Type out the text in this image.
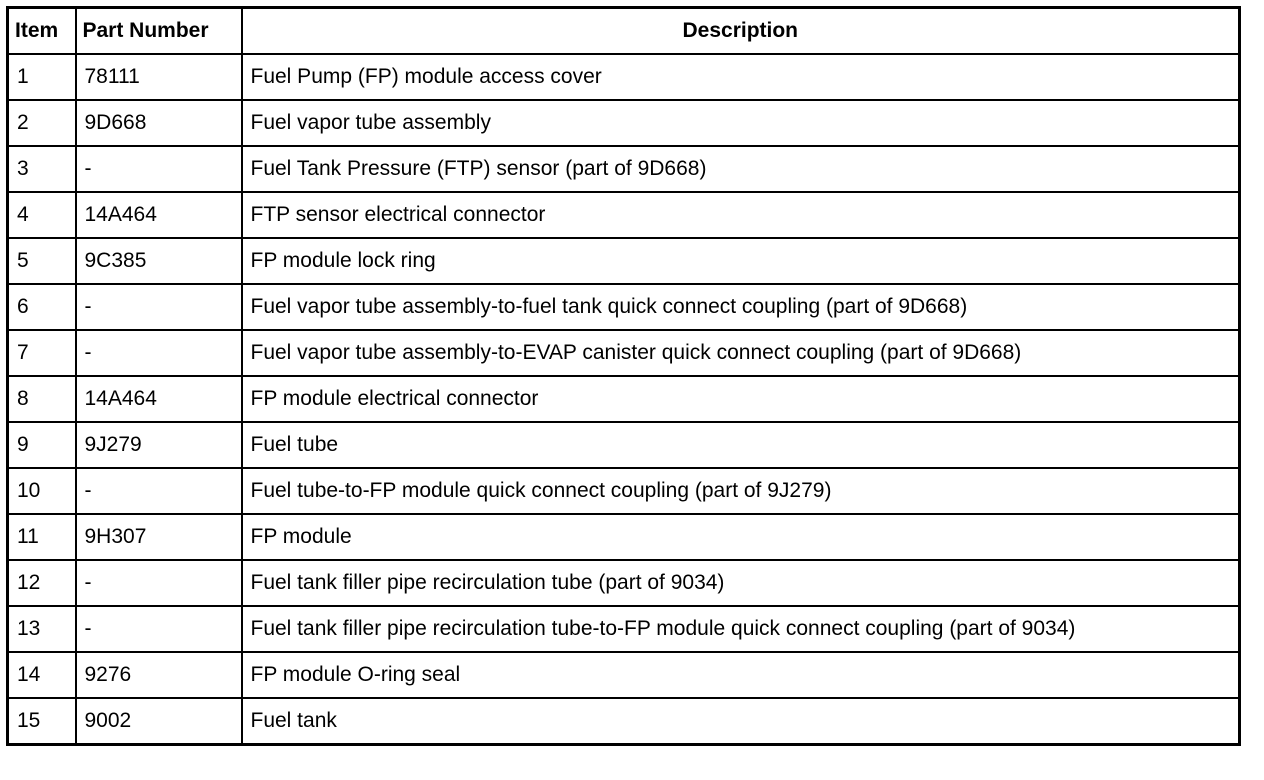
Item	Part Number	Description
1	78111	Fuel Pump (FP) module access cover
2	9D668	Fuel vapor tube assembly
3	-	Fuel Tank Pressure (FTP) sensor (part of 9D668)
4	14A464	FTP sensor electrical connector
5	9C385	FP module lock ring
6	-	Fuel vapor tube assembly-to-fuel tank quick connect coupling (part of 9D668)
7	-	Fuel vapor tube assembly-to-EVAP canister quick connect coupling (part of 9D668)
8	14A464	FP module electrical connector
9	9J279	Fuel tube
10	-	Fuel tube-to-FP module quick connect coupling (part of 9J279)
11	9H307	FP module
12	-	Fuel tank filler pipe recirculation tube (part of 9034)
13	-	Fuel tank filler pipe recirculation tube-to-FP module quick connect coupling (part of 9034)
14	9276	FP module O-ring seal
15	9002	Fuel tank
